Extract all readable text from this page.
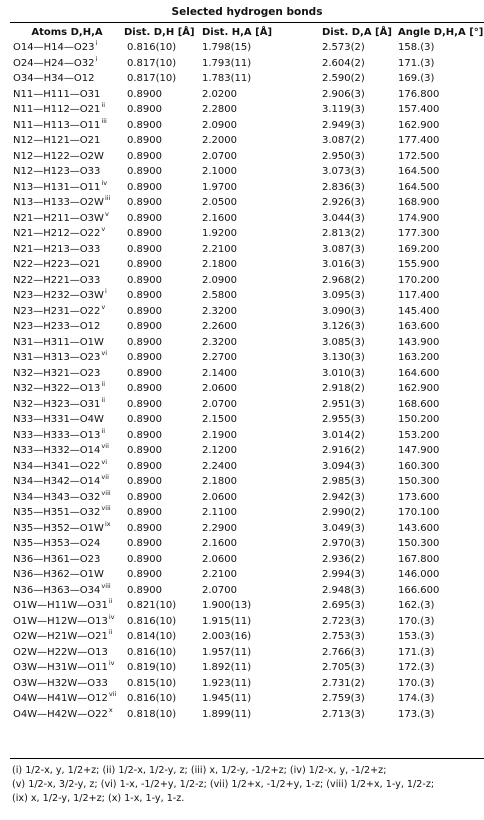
Selected hydrogen bonds
Atoms D,H,A	Dist. D,H [Å]	Dist. H,A [Å]	Dist. D,A [Å]	Angle D,H,A [°]
O14—H14—O23$^i$	0.816(10)	1.798(15)	2.573(2)	158.(3)
O24—H24—O32$^i$	0.817(10)	1.793(11)	2.604(2)	171.(3)
O34—H34—O12	0.817(10)	1.783(11)	2.590(2)	169.(3)
N11—H111—O31	0.8900	2.0200	2.906(3)	176.800
N11—H112—O21$^{ii}$	0.8900	2.2800	3.119(3)	157.400
N11—H113—O11$^{iii}$	0.8900	2.0900	2.949(3)	162.900
N12—H121—O21	0.8900	2.2000	3.087(2)	177.400
N12—H122—O2W	0.8900	2.0700	2.950(3)	172.500
N12—H123—O33	0.8900	2.1000	3.073(3)	164.500
N13—H131—O11$^{iv}$	0.8900	1.9700	2.836(3)	164.500
$N13—H133—O2W^{iii}$	0.8900	2.0500	2.926(3)	168.900
$N21—H211—O3W^v$	0.8900	2.1600	3.044(3)	174.900
N21—H212—O22$^v$	0.8900	1.9200	2.813(2)	177.300
N21—H213—O33	0.8900	2.2100	3.087(3)	169.200
N22—H223—O21	0.8900	2.1800	3.016(3)	155.900
N22—H221—O33	0.8900	2.0900	2.968(2)	170.200
$N23—H232—O3W^i$	0.8900	2.5800	3.095(3)	117.400
N23—H231—O22$^v$	0.8900	2.3200	3.090(3)	145.400
N23—H233—O12	0.8900	2.2600	3.126(3)	163.600
N31—H311—O1W	0.8900	2.3200	3.085(3)	143.900
N31—H313—O23$^{vi}$	0.8900	2.2700	3.130(3)	163.200
N32—H321—O23	0.8900	2.1400	3.010(3)	164.600
N32—H322—O13$^{ii}$	0.8900	2.0600	2.918(2)	162.900
N32—H323—O31$^{ii}$	0.8900	2.0700	2.951(3)	168.600
N33—H331—O4W	0.8900	2.1500	2.955(3)	150.200
N33—H333—O13$^{ii}$	0.8900	2.1900	3.014(2)	153.200
N33—H332—O14$^{vii}$	0.8900	2.1200	2.916(2)	147.900
N34—H341—O22$^{vi}$	0.8900	2.2400	3.094(3)	160.300
N34—H342—O14$^{vii}$	0.8900	2.1800	2.985(3)	150.300
N34—H343—O32$^{viii}$	0.8900	2.0600	2.942(3)	173.600
N35—H351—O32$^{viii}$	0.8900	2.1100	2.990(2)	170.100
$N35—H352—O1W^{ix}$	0.8900	2.2900	3.049(3)	143.600
N35—H353—O24	0.8900	2.1600	2.970(3)	150.300
N36—H361—O23	0.8900	2.0600	2.936(2)	167.800
N36—H362—O1W	0.8900	2.2100	2.994(3)	146.000
N36—H363—O34$^{viii}$	0.8900	2.0700	2.948(3)	166.600
O1W—H11W—O31$^{ii}$	0.821(10)	1.900(13)	2.695(3)	162.(3)
O1W—H12W—O13$^{iv}$	0.816(10)	1.915(11)	2.723(3)	170.(3)
O2W—H21W—O21$^{ii}$	0.814(10)	2.003(16)	2.753(3)	153.(3)
O2W—H22W—O13	0.816(10)	1.957(11)	2.766(3)	171.(3)
O3W—H31W—O11$^{iv}$	0.819(10)	1.892(11)	2.705(3)	172.(3)
O3W—H32W—O33	0.815(10)	1.923(11)	2.731(2)	170.(3)
O4W—H41W—O12$^{vii}$	0.816(10)	1.945(11)	2.759(3)	174.(3)
O4W—H42W—O22$^x$	0.818(10)	1.899(11)	2.713(3)	173.(3)
(i) 1/2-x, y, 1/2+z; (ii) 1/2-x, 1/2-y, z; (iii) x, 1/2-y, -1/2+z; (iv) 1/2-x, y, -1/2+z;
(v) 1/2-x, 3/2-y, z; (vi) 1-x, -1/2+y, 1/2-z; (vii) 1/2+x, -1/2+y, 1-z; (viii) 1/2+x, 1-y, 1/2-z;
(ix) x, 1/2-y, 1/2+z; (x) 1-x, 1-y, 1-z.
